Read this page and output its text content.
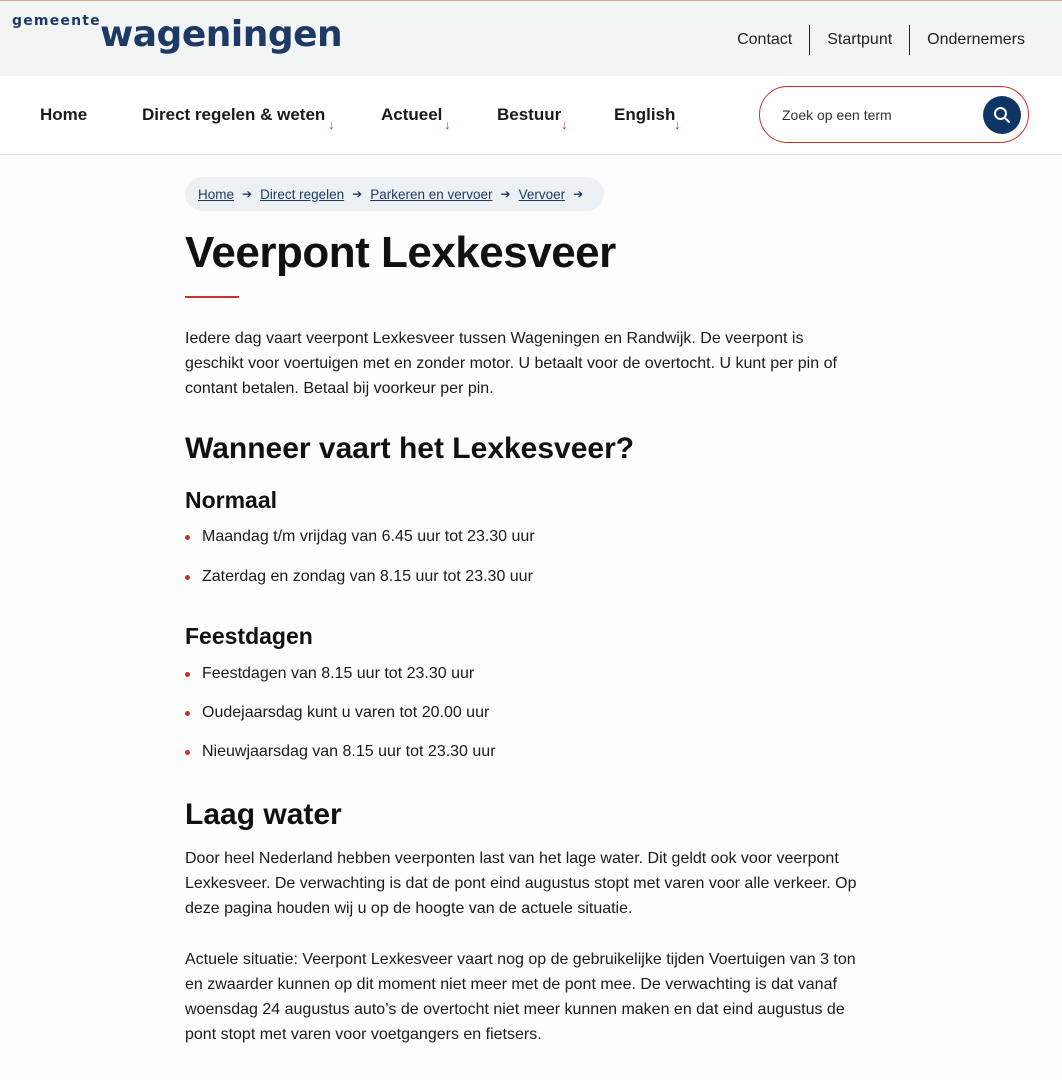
gemeente wageningen	Contact	Startpunt	Ondernemers
Home	Direct regelen & weten
↓
Actueel
↓
Bestuur
↓
English
↓
Zoek op een term
Home ➔ Direct regelen ➔ Parkeren en vervoer ➔ Vervoer ➔
Veerpont Lexkesveer

Iedere dag vaart veerpont Lexkesveer tussen Wageningen en Randwijk. De veerpont is geschikt voor voertuigen met en zonder motor. U betaalt voor de overtocht. U kunt per pin of contant betalen. Betaal bij voorkeur per pin.

Wanneer vaart het Lexkesveer?
Normaal
Maandag t/m vrijdag van 6.45 uur tot 23.30 uur
Zaterdag en zondag van 8.15 uur tot 23.30 uur
Feestdagen
Feestdagen van 8.15 uur tot 23.30 uur
Oudejaarsdag kunt u varen tot 20.00 uur
Nieuwjaarsdag van 8.15 uur tot 23.30 uur
Laag water

Door heel Nederland hebben veerponten last van het lage water. Dit geldt ook voor veerpont Lexkesveer. De verwachting is dat de pont eind augustus stopt met varen voor alle verkeer. Op deze pagina houden wij u op de hoogte van de actuele situatie.

Actuele situatie: Veerpont Lexkesveer vaart nog op de gebruikelijke tijden Voertuigen van 3 ton en zwaarder kunnen op dit moment niet meer met de pont mee. De verwachting is dat vanaf woensdag 24 augustus auto’s de overtocht niet meer kunnen maken en dat eind augustus de pont stopt met varen voor voetgangers en fietsers.
